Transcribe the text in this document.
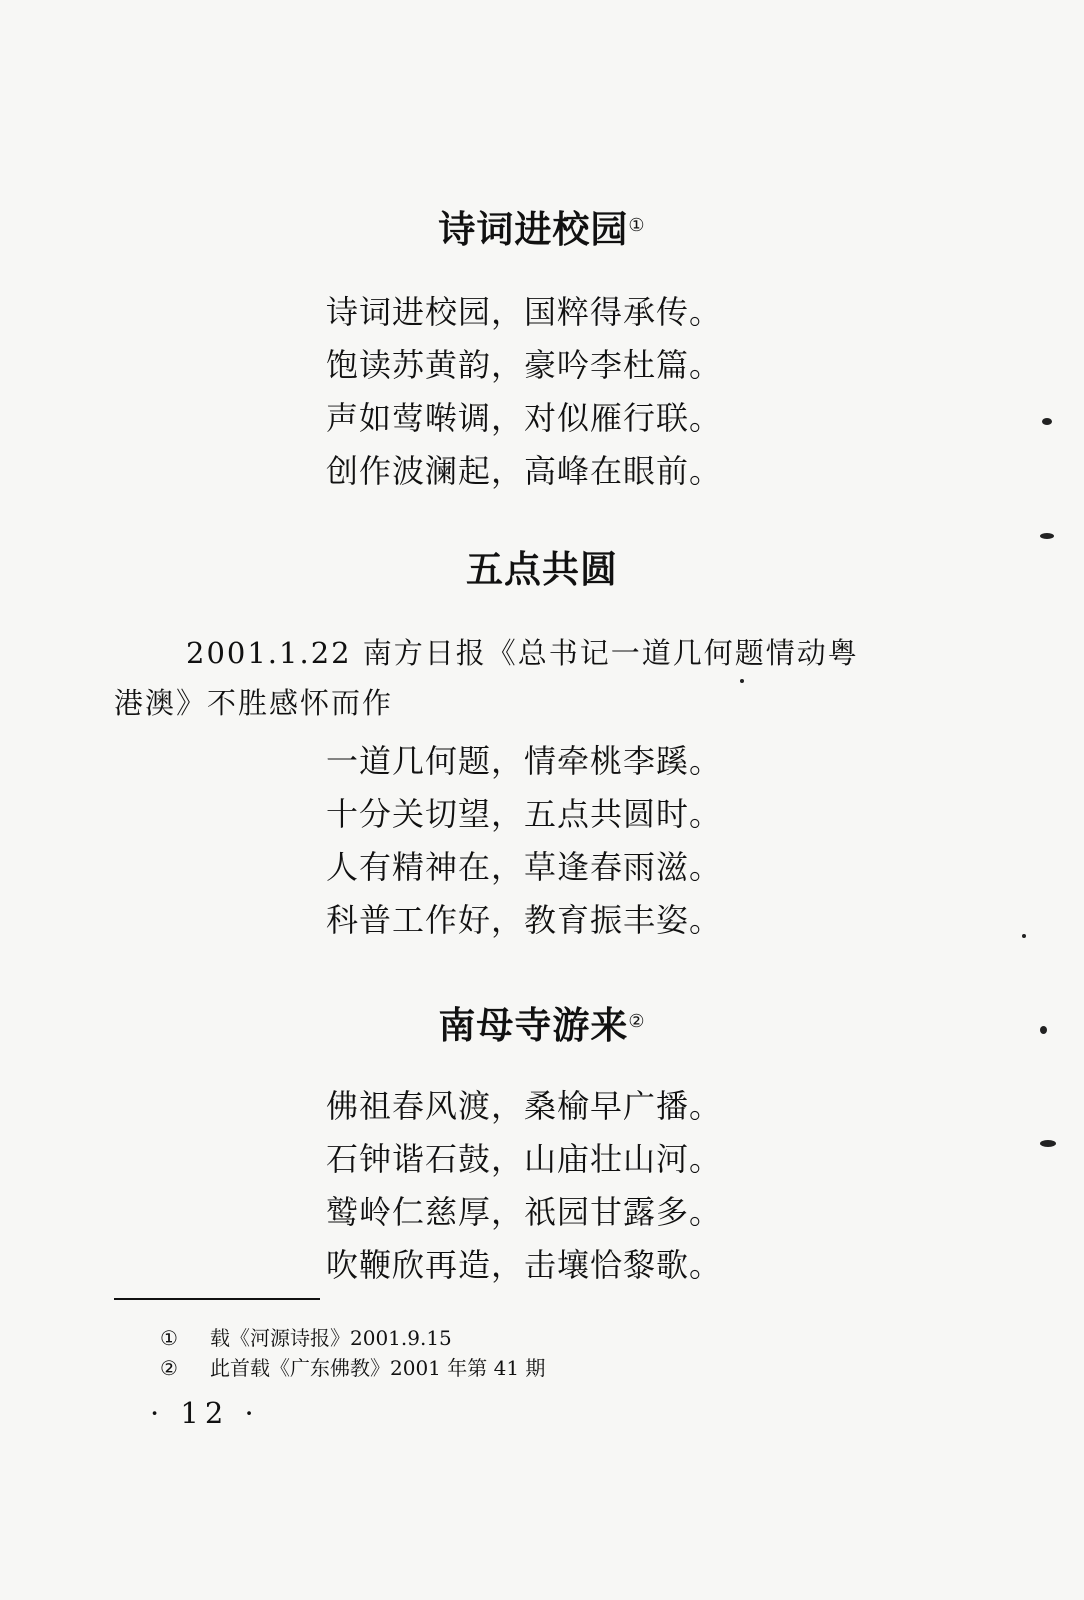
诗词进校园①
诗词进校园，国粹得承传。
饱读苏黄韵，豪吟李杜篇。
声如莺啭调，对似雁行联。
创作波澜起，高峰在眼前。
五点共圆
2001.1.22 南方日报《总书记一道几何题情动粤
港澳》不胜感怀而作
一道几何题，情牵桃李蹊。
十分关切望，五点共圆时。
人有精神在，草逢春雨滋。
科普工作好，教育振丰姿。
南母寺游来②
佛祖春风渡，桑榆早广播。
石钟谐石鼓，山庙壮山河。
鹫岭仁慈厚，祇园甘露多。
吹鞭欣再造，击壤恰黎歌。
① 载《河源诗报》2001.9.15
② 此首载《广东佛教》2001 年第 41 期
· 12 ·
